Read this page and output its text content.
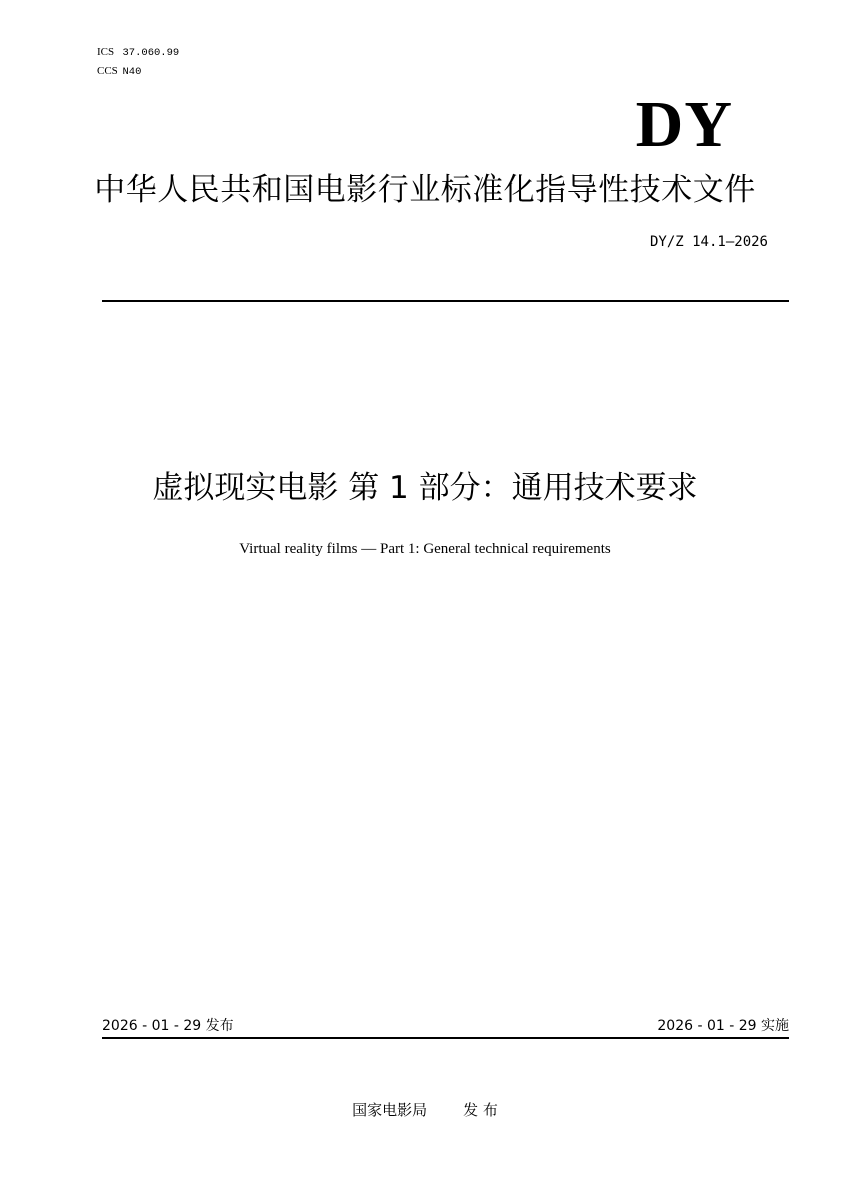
ICS 37.060.99
CCS N40
DY
中华人民共和国电影行业标准化指导性技术文件
DY/Z 14.1—2026
虚拟现实电影 第 1 部分：通用技术要求
Virtual reality films — Part 1: General technical requirements
2026 - 01 - 29 发布	2026 - 01 - 29 实施
国家电影局 发 布
